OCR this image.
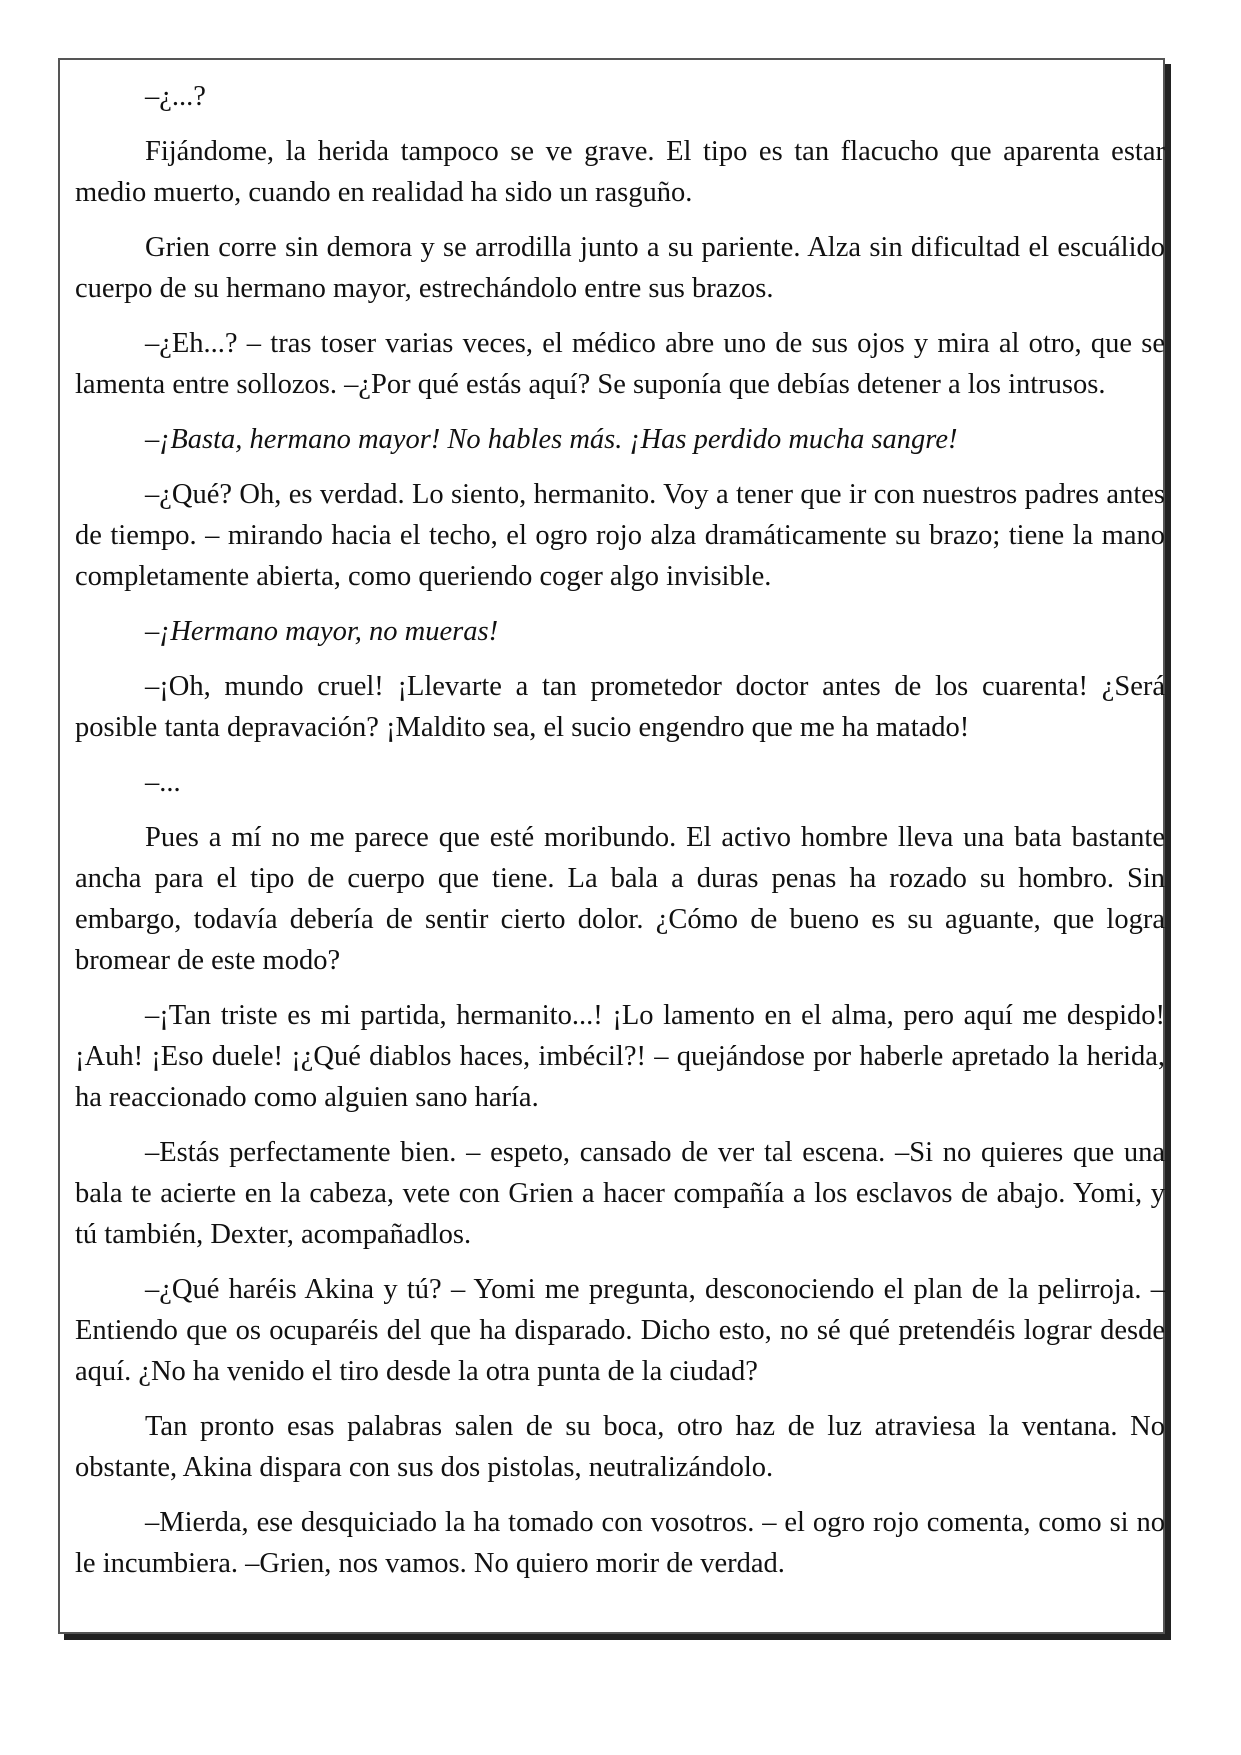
–¿...?

Fijándome, la herida tampoco se ve grave. El tipo es tan flacucho que aparenta estar medio muerto, cuando en realidad ha sido un rasguño.

Grien corre sin demora y se arrodilla junto a su pariente. Alza sin dificultad el escuálido cuerpo de su hermano mayor, estrechándolo entre sus brazos.

–¿Eh...? – tras toser varias veces, el médico abre uno de sus ojos y mira al otro, que se lamenta entre sollozos. –¿Por qué estás aquí? Se suponía que debías detener a los intrusos.

–¡Basta, hermano mayor! No hables más. ¡Has perdido mucha sangre!

–¿Qué? Oh, es verdad. Lo siento, hermanito. Voy a tener que ir con nuestros padres antes de tiempo. – mirando hacia el techo, el ogro rojo alza dramáticamente su brazo; tiene la mano completamente abierta, como queriendo coger algo invisible.

–¡Hermano mayor, no mueras!

–¡Oh, mundo cruel! ¡Llevarte a tan prometedor doctor antes de los cuarenta! ¿Será posible tanta depravación? ¡Maldito sea, el sucio engendro que me ha matado!

–...

Pues a mí no me parece que esté moribundo. El activo hombre lleva una bata bastante ancha para el tipo de cuerpo que tiene. La bala a duras penas ha rozado su hombro. Sin embargo, todavía debería de sentir cierto dolor. ¿Cómo de bueno es su aguante, que logra bromear de este modo?

–¡Tan triste es mi partida, hermanito...! ¡Lo lamento en el alma, pero aquí me despido! ¡Auh! ¡Eso duele! ¡¿Qué diablos haces, imbécil?! – quejándose por haberle apretado la herida, ha reaccionado como alguien sano haría.

–Estás perfectamente bien. – espeto, cansado de ver tal escena. –Si no quieres que una bala te acierte en la cabeza, vete con Grien a hacer compañía a los esclavos de abajo. Yomi, y tú también, Dexter, acompañadlos.

–¿Qué haréis Akina y tú? – Yomi me pregunta, desconociendo el plan de la pelirroja. –Entiendo que os ocuparéis del que ha disparado. Dicho esto, no sé qué pretendéis lograr desde aquí. ¿No ha venido el tiro desde la otra punta de la ciudad?

Tan pronto esas palabras salen de su boca, otro haz de luz atraviesa la ventana. No obstante, Akina dispara con sus dos pistolas, neutralizándolo.

–Mierda, ese desquiciado la ha tomado con vosotros. – el ogro rojo comenta, como si no le incumbiera. –Grien, nos vamos. No quiero morir de verdad.
